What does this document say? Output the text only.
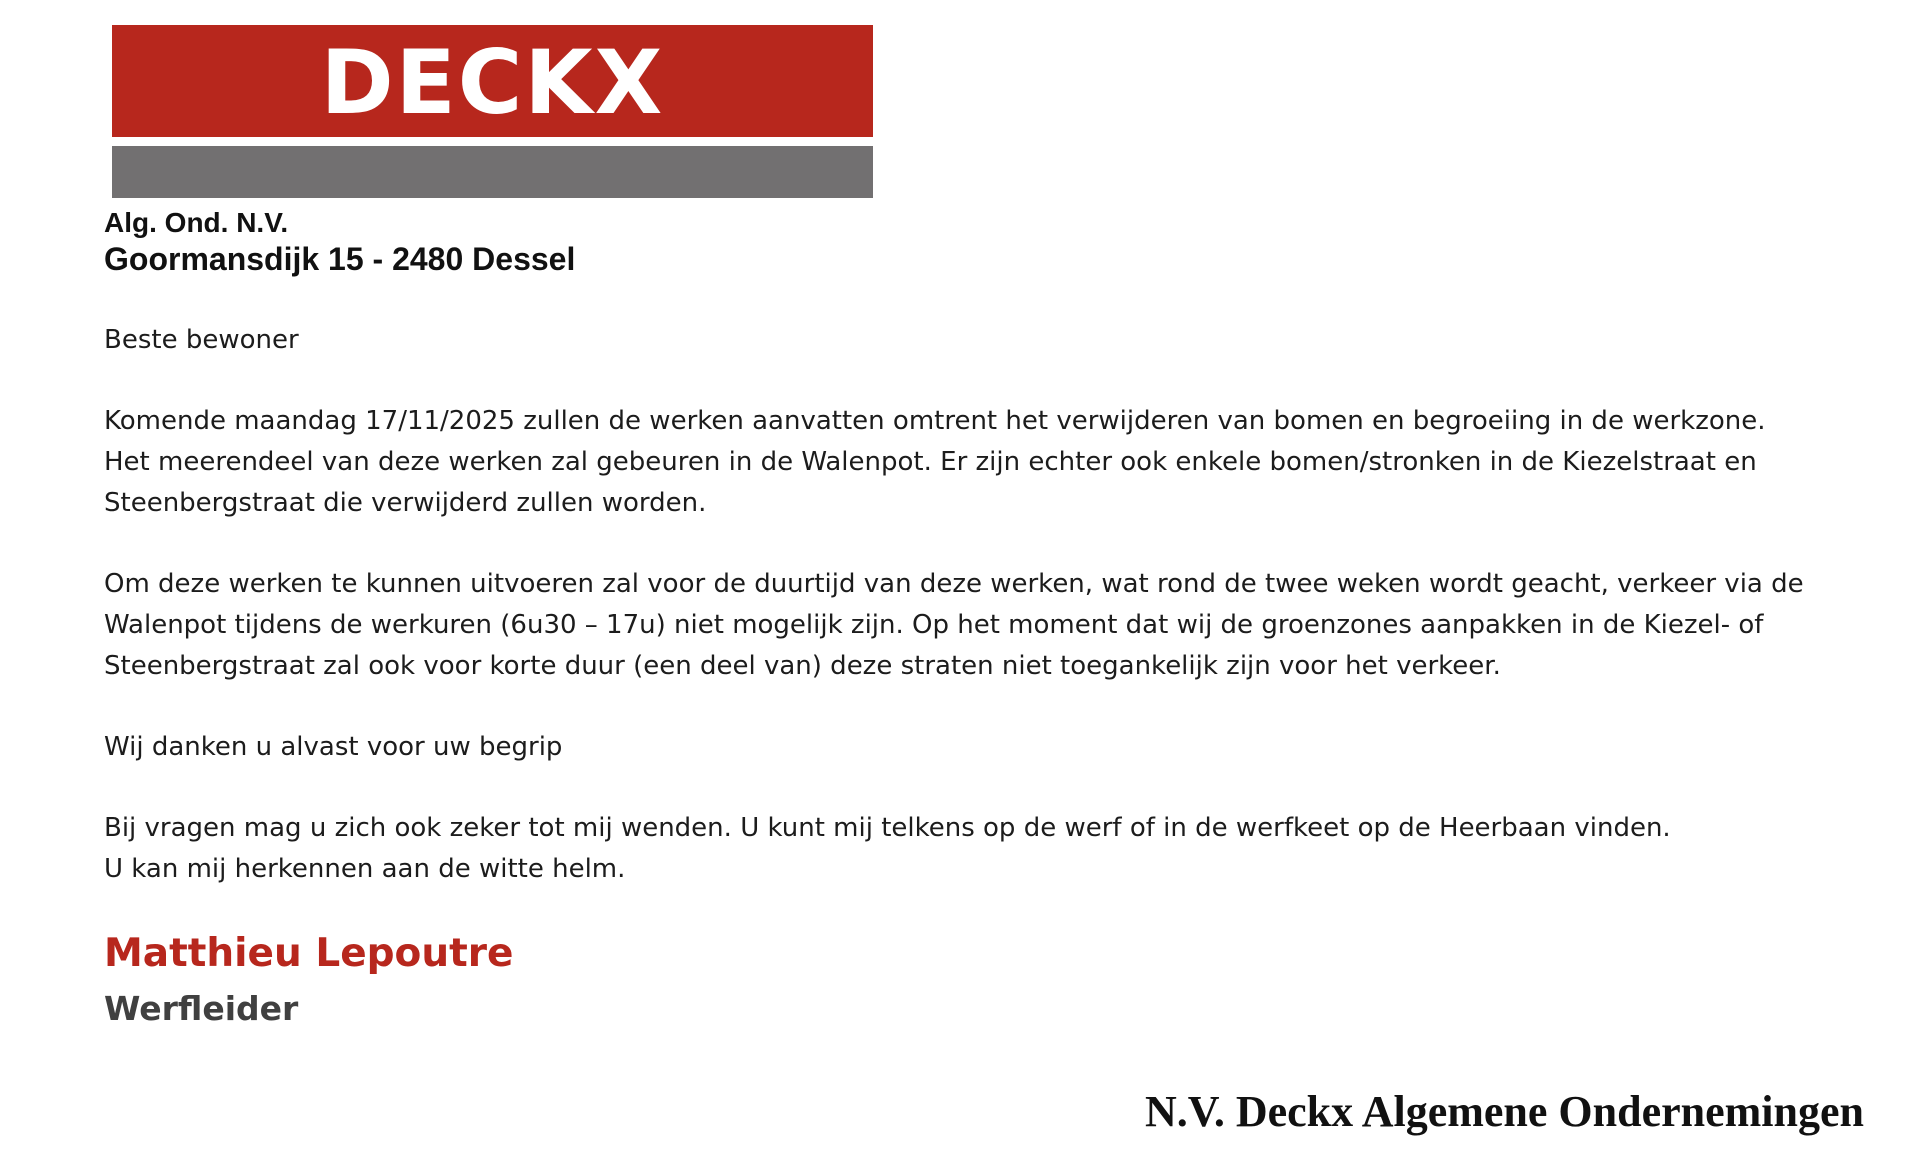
DECKX
Alg. Ond. N.V.
Goormansdijk 15 - 2480 Dessel

Beste bewoner

Komende maandag 17/11/2025 zullen de werken aanvatten omtrent het verwijderen van bomen en begroeiing in de werkzone.
Het meerendeel van deze werken zal gebeuren in de Walenpot. Er zijn echter ook enkele bomen/stronken in de Kiezelstraat en
Steenbergstraat die verwijderd zullen worden.

Om deze werken te kunnen uitvoeren zal voor de duurtijd van deze werken, wat rond de twee weken wordt geacht, verkeer via de
Walenpot tijdens de werkuren (6u30 – 17u) niet mogelijk zijn. Op het moment dat wij de groenzones aanpakken in de Kiezel- of
Steenbergstraat zal ook voor korte duur (een deel van) deze straten niet toegankelijk zijn voor het verkeer.

Wij danken u alvast voor uw begrip

Bij vragen mag u zich ook zeker tot mij wenden. U kunt mij telkens op de werf of in de werfkeet op de Heerbaan vinden.
U kan mij herkennen aan de witte helm.

Matthieu Lepoutre
Werfleider
N.V. Deckx Algemene Ondernemingen
